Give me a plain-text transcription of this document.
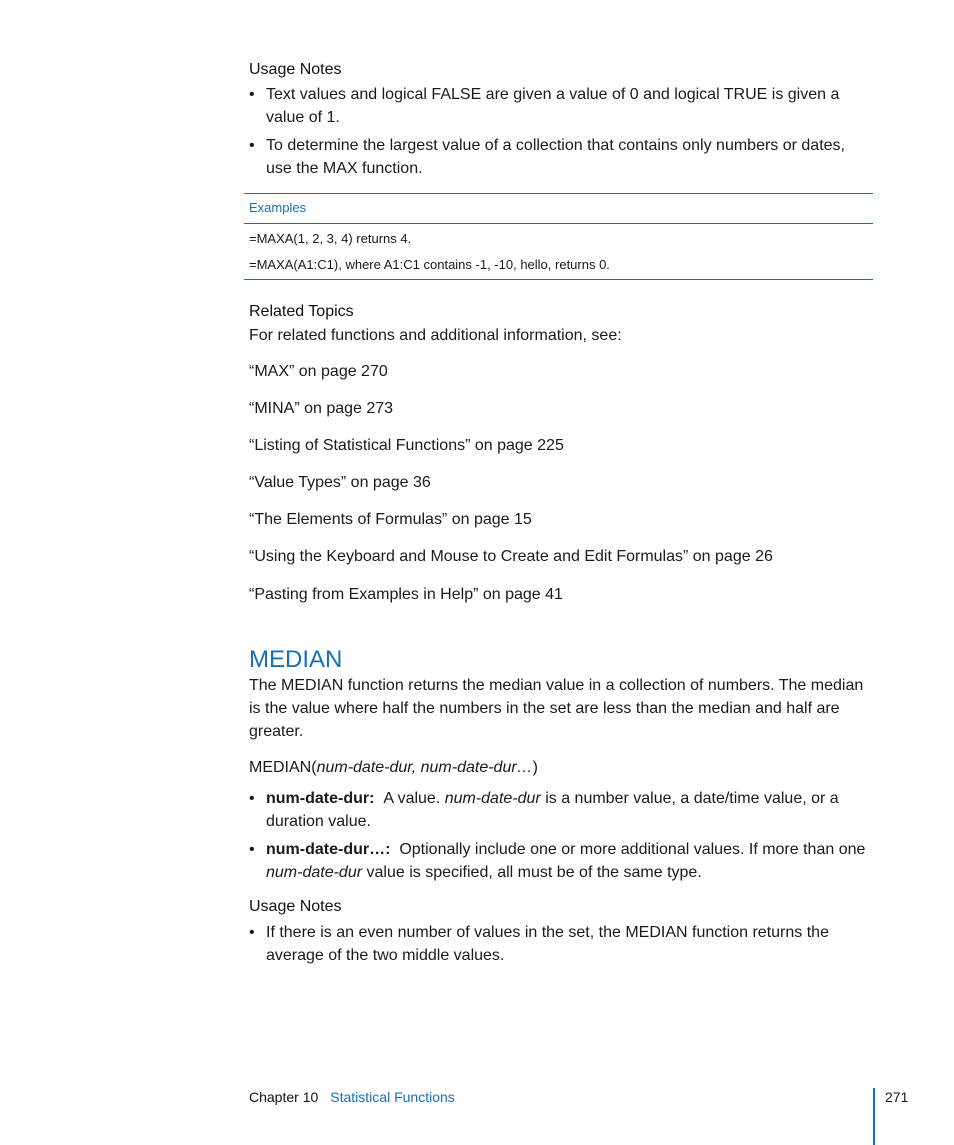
Usage Notes
• Text values and logical FALSE are given a value of 0 and logical TRUE is given a value of 1.
• To determine the largest value of a collection that contains only numbers or dates, use the MAX function.
Examples
=MAXA(1, 2, 3, 4) returns 4.
=MAXA(A1:C1), where A1:C1 contains -1, -10, hello, returns 0.
Related Topics
For related functions and additional information, see:
“MAX” on page 270
“MINA” on page 273
“Listing of Statistical Functions” on page 225
“Value Types” on page 36
“The Elements of Formulas” on page 15
“Using the Keyboard and Mouse to Create and Edit Formulas” on page 26
“Pasting from Examples in Help” on page 41
MEDIAN
The MEDIAN function returns the median value in a collection of numbers. The median is the value where half the numbers in the set are less than the median and half are greater.
MEDIAN(num-date-dur, num-date-dur…)
• num-date-dur: A value. num-date-dur is a number value, a date/time value, or a duration value.
• num-date-dur…: Optionally include one or more additional values. If more than one num-date-dur value is specified, all must be of the same type.
Usage Notes
• If there is an even number of values in the set, the MEDIAN function returns the average of the two middle values.
Chapter 10 Statistical Functions	271
